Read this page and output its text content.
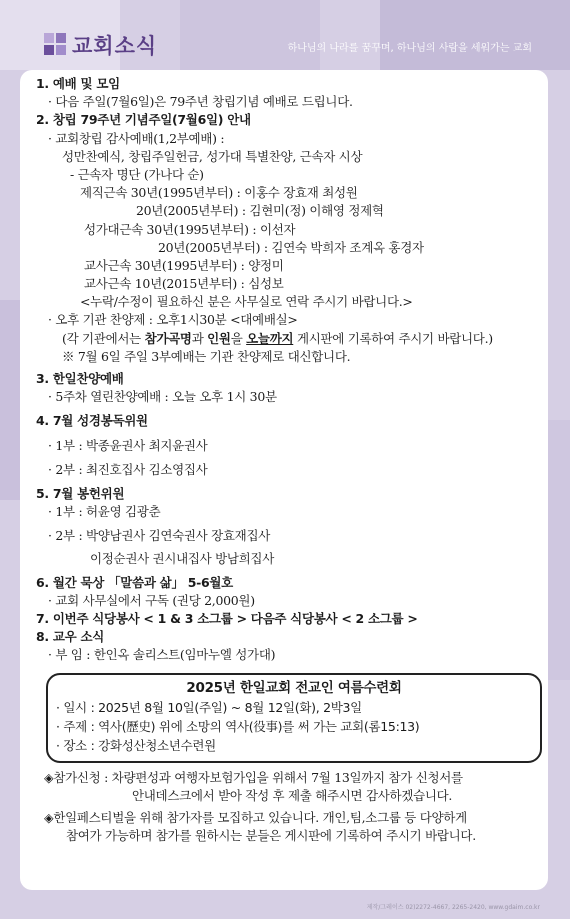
교회소식	하나님의 나라를 꿈꾸며, 하나님의 사람을 세워가는 교회
1. 예배 및 모임
· 다음 주일(7월6일)은 79주년 창립기념 예배로 드립니다.
2. 창립 79주년 기념주일(7월6일) 안내
· 교회창립 감사예배(1,2부예배) :
성만찬예식, 창립주일헌금, 성가대 특별찬양, 근속자 시상
- 근속자 명단 (가나다 순)
제직근속 30년(1995년부터) : 이홍수 장효재 최성원
20년(2005년부터) : 김현미(정) 이해영 정제혁
성가대근속 30년(1995년부터) : 이선자
20년(2005년부터) : 김연숙 박희자 조계옥 홍경자
교사근속 30년(1995년부터) : 양정미
교사근속 10년(2015년부터) : 심성보
<누락/수정이 필요하신 분은 사무실로 연락 주시기 바랍니다.>
· 오후 기관 찬양제 : 오후1시30분 <대예배실>
(각 기관에서는 참가곡명과 인원을 오늘까지 게시판에 기록하여 주시기 바랍니다.)
※ 7월 6일 주일 3부예배는 기관 찬양제로 대신합니다.
3. 한일찬양예배
· 5주차 열린찬양예배 : 오늘 오후 1시 30분
4. 7월 성경봉독위원
· 1부 : 박종윤권사 최지윤권사
· 2부 : 최진호집사 김소영집사
5. 7월 봉헌위원
· 1부 : 허윤영 김광춘
· 2부 : 박양남권사 김연숙권사 장효재집사
이정순권사 권시내집사 방남희집사
6. 월간 묵상 「말씀과 삶」 5-6월호
· 교회 사무실에서 구독 (권당 2,000원)
7. 이번주 식당봉사 < 1 & 3 소그룹 > 다음주 식당봉사 < 2 소그룹 >
8. 교우 소식
· 부 임 : 한인옥 솔리스트(임마누엘 성가대)
2025년 한일교회 전교인 여름수련회
· 일시 : 2025년 8월 10일(주일) ~ 8월 12일(화), 2박3일
· 주제 : 역사(歷史) 위에 소망의 역사(役事)를 써 가는 교회(롬15:13)
· 장소 : 강화성산청소년수련원
◈참가신청 : 차량편성과 여행자보험가입을 위해서 7월 13일까지 참가 신청서를
안내데스크에서 받아 작성 후 제출 해주시면 감사하겠습니다.
◈한일페스티벌을 위해 참가자를 모집하고 있습니다. 개인,팀,소그룹 등 다양하게
참여가 가능하며 참가를 원하시는 분들은 게시판에 기록하여 주시기 바랍니다.
제작/그레이스 02)2272-4667, 2265-2420, www.gdaim.co.kr
